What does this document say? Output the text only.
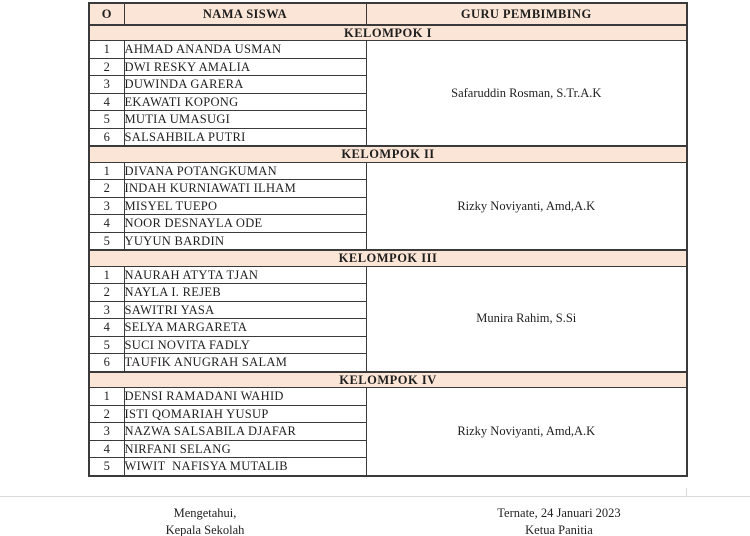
O	NAMA SISWA	GURU PEMBIMBING
KELOMPOK I		
1	AHMAD ANANDA USMAN	Safaruddin Rosman, S.Tr.A.K
2	DWI RESKY AMALIA	
3	DUWINDA GARERA	
4	EKAWATI KOPONG	
5	MUTIA UMASUGI	
6	SALSAHBILA PUTRI	
KELOMPOK II		
1	DIVANA POTANGKUMAN	Rizky Noviyanti, Amd,A.K
2	INDAH KURNIAWATI ILHAM	
3	MISYEL TUEPO	
4	NOOR DESNAYLA ODE	
5	YUYUN BARDIN	
KELOMPOK III		
1	NAURAH ATYTA TJAN	Munira Rahim, S.Si
2	NAYLA I. REJEB	
3	SAWITRI YASA	
4	SELYA MARGARETA	
5	SUCI NOVITA FADLY	
6	TAUFIK ANUGRAH SALAM	
KELOMPOK IV		
1	DENSI RAMADANI WAHID	Rizky Noviyanti, Amd,A.K
2	ISTI QOMARIAH YUSUP	
3	NAZWA SALSABILA DJAFAR	
4	NIRFANI SELANG	
5	WIWIT  NAFISYA MUTALIB	
Mengetahui,
Kepala Sekolah
Ternate, 24 Januari 2023
Ketua Panitia
